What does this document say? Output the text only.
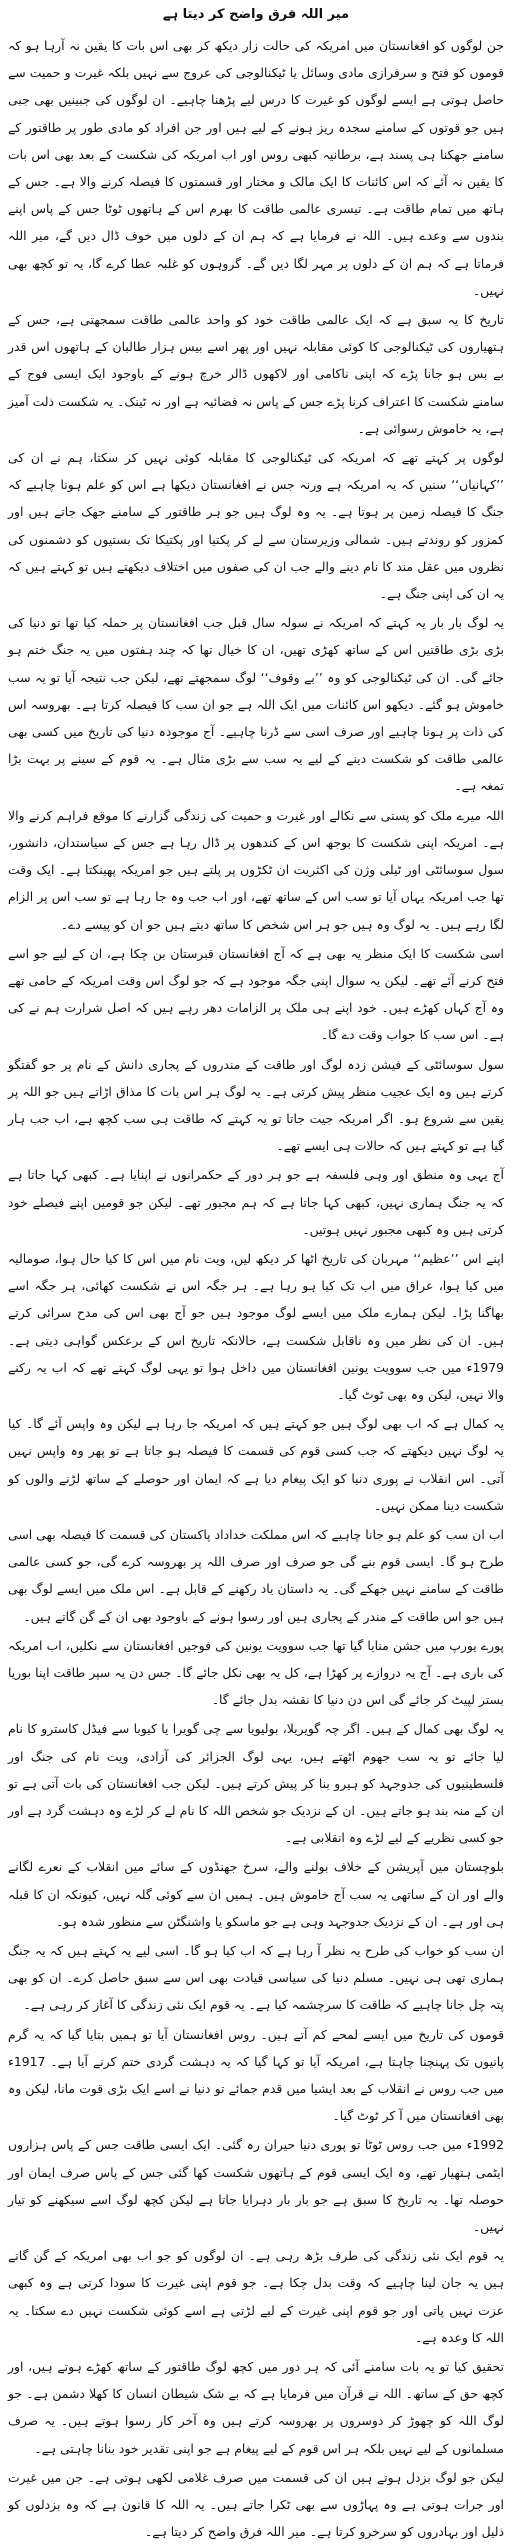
میر اللہ فرق واضح کر دیتا ہے

جن لوگوں کو افغانستان میں امریکہ کی حالت زار دیکھ کر بھی اس بات کا یقین نہ آرہا ہو کہ قوموں کو فتح و سرفرازی مادی وسائل یا ٹیکنالوجی کی عروج سے نہیں بلکہ غیرت و حمیت سے حاصل ہوتی ہے ایسے لوگوں کو غیرت کا درس لیے پڑھنا چاہیے۔ ان لوگوں کی جبینیں بھی جبی ہیں جو قوتوں کے سامنے سجدہ ریز ہونے کے لیے ہیں اور جن افراد کو مادی طور پر طاقتور کے سامنے جھکنا ہی پسند ہے، برطانیہ کبھی روس اور اب امریکہ کی شکست کے بعد بھی اس بات کا یقین نہ آئے کہ اس کائنات کا ایک مالک و مختار اور قسمتوں کا فیصلہ کرنے والا ہے۔ جس کے ہاتھ میں تمام طاقت ہے۔ تیسری عالمی طاقت کا بھرم اس کے ہاتھوں ٹوٹا جس کے پاس اپنے بندوں سے وعدے ہیں۔ اللہ نے فرمایا ہے کہ ہم ان کے دلوں میں خوف ڈال دیں گے، میر اللہ فرماتا ہے کہ ہم ان کے دلوں پر مہر لگا دیں گے۔ گروہوں کو غلبہ عطا کرے گا، یہ تو کچھ بھی نہیں۔

تاریخ کا یہ سبق ہے کہ ایک عالمی طاقت خود کو واحد عالمی طاقت سمجھتی ہے، جس کے ہتھیاروں کی ٹیکنالوجی کا کوئی مقابلہ نہیں اور پھر اسے بیس ہزار طالبان کے ہاتھوں اس قدر بے بس ہو جانا پڑے کہ اپنی ناکامی اور لاکھوں ڈالر خرچ ہونے کے باوجود ایک ایسی فوج کے سامنے شکست کا اعتراف کرنا پڑے جس کے پاس نہ فضائیہ ہے اور نہ ٹینک۔ یہ شکست ذلت آمیز ہے، یہ خاموش رسوائی ہے۔

لوگوں پر کہتے تھے کہ امریکہ کی ٹیکنالوجی کا مقابلہ کوئی نہیں کر سکتا، ہم نے ان کی ’’کہانیاں‘‘ سنیں کہ یہ امریکہ ہے ورنہ جس نے افغانستان دیکھا ہے اس کو علم ہونا چاہیے کہ جنگ کا فیصلہ زمین پر ہوتا ہے۔ یہ وہ لوگ ہیں جو ہر طاقتور کے سامنے جھک جاتے ہیں اور کمزور کو روندتے ہیں۔ شمالی وزیرستان سے لے کر پکتیا اور پکتیکا تک بستیوں کو دشمنوں کی نظروں میں عقل مند کا نام دینے والے جب ان کی صفوں میں اختلاف دیکھتے ہیں تو کہتے ہیں کہ یہ ان کی اپنی جنگ ہے۔

یہ لوگ بار بار یہ کہتے کہ امریکہ نے سولہ سال قبل جب افغانستان پر حملہ کیا تھا تو دنیا کی بڑی بڑی طاقتیں اس کے ساتھ کھڑی تھیں، ان کا خیال تھا کہ چند ہفتوں میں یہ جنگ ختم ہو جائے گی۔ ان کی ٹیکنالوجی کو وہ ’’بے وقوف‘‘ لوگ سمجھتے تھے، لیکن جب نتیجہ آیا تو یہ سب خاموش ہو گئے۔ دیکھو اس کائنات میں ایک اللہ ہے جو ان سب کا فیصلہ کرتا ہے۔ بھروسہ اس کی ذات پر ہونا چاہیے اور صرف اسی سے ڈرنا چاہیے۔ آج موجودہ دنیا کی تاریخ میں کسی بھی عالمی طاقت کو شکست دینے کے لیے یہ سب سے بڑی مثال ہے۔ یہ قوم کے سینے پر بہت بڑا تمغہ ہے۔

اللہ میرے ملک کو پستی سے نکالے اور غیرت و حمیت کی زندگی گزارنے کا موقع فراہم کرنے والا ہے۔ امریکہ اپنی شکست کا بوجھ اس کے کندھوں پر ڈال رہا ہے جس کے سیاستدان، دانشور، سول سوسائٹی اور ٹیلی وژن کی اکثریت ان ٹکڑوں پر پلتے ہیں جو امریکہ پھینکتا ہے۔ ایک وقت تھا جب امریکہ یہاں آیا تو سب اس کے ساتھ تھے، اور اب جب وہ جا رہا ہے تو سب اس پر الزام لگا رہے ہیں۔ یہ لوگ وہ ہیں جو ہر اس شخص کا ساتھ دیتے ہیں جو ان کو پیسے دے۔

اسی شکست کا ایک منظر یہ بھی ہے کہ آج افغانستان قبرستان بن چکا ہے، ان کے لیے جو اسے فتح کرنے آئے تھے۔ لیکن یہ سوال اپنی جگہ موجود ہے کہ جو لوگ اس وقت امریکہ کے حامی تھے وہ آج کہاں کھڑے ہیں۔ خود اپنے ہی ملک پر الزامات دھر رہے ہیں کہ اصل شرارت ہم نے کی ہے۔ اس سب کا جواب وقت دے گا۔

سول سوسائٹی کے فیشن زدہ لوگ اور طاقت کے مندروں کے پجاری دانش کے نام پر جو گفتگو کرتے ہیں وہ ایک عجیب منظر پیش کرتی ہے۔ یہ لوگ ہر اس بات کا مذاق اڑاتے ہیں جو اللہ پر یقین سے شروع ہو۔ اگر امریکہ جیت جاتا تو یہ کہتے کہ طاقت ہی سب کچھ ہے، اب جب ہار گیا ہے تو کہتے ہیں کہ حالات ہی ایسے تھے۔

آج یہی وہ منطق اور وہی فلسفہ ہے جو ہر دور کے حکمرانوں نے اپنایا ہے۔ کبھی کہا جاتا ہے کہ یہ جنگ ہماری نہیں، کبھی کہا جاتا ہے کہ ہم مجبور تھے۔ لیکن جو قومیں اپنے فیصلے خود کرتی ہیں وہ کبھی مجبور نہیں ہوتیں۔

اپنے اس ’’عظیم‘‘ مہربان کی تاریخ اٹھا کر دیکھ لیں، ویت نام میں اس کا کیا حال ہوا، صومالیہ میں کیا ہوا، عراق میں اب تک کیا ہو رہا ہے۔ ہر جگہ اس نے شکست کھائی، ہر جگہ اسے بھاگنا پڑا۔ لیکن ہمارے ملک میں ایسے لوگ موجود ہیں جو آج بھی اس کی مدح سرائی کرتے ہیں۔ ان کی نظر میں وہ ناقابل شکست ہے، حالانکہ تاریخ اس کے برعکس گواہی دیتی ہے۔ 1979ء میں جب سوویت یونین افغانستان میں داخل ہوا تو یہی لوگ کہتے تھے کہ اب یہ رکنے والا نہیں، لیکن وہ بھی ٹوٹ گیا۔

یہ کمال ہے کہ اب بھی لوگ ہیں جو کہتے ہیں کہ امریکہ جا رہا ہے لیکن وہ واپس آئے گا۔ کیا یہ لوگ نہیں دیکھتے کہ جب کسی قوم کی قسمت کا فیصلہ ہو جاتا ہے تو پھر وہ واپس نہیں آتی۔ اس انقلاب نے پوری دنیا کو ایک پیغام دیا ہے کہ ایمان اور حوصلے کے ساتھ لڑنے والوں کو شکست دینا ممکن نہیں۔

اب ان سب کو علم ہو جانا چاہیے کہ اس مملکت خداداد پاکستان کی قسمت کا فیصلہ بھی اسی طرح ہو گا۔ ایسی قوم بنے گی جو صرف اور صرف اللہ پر بھروسہ کرے گی، جو کسی عالمی طاقت کے سامنے نہیں جھکے گی۔ یہ داستان یاد رکھنے کے قابل ہے۔ اس ملک میں ایسے لوگ بھی ہیں جو اس طاقت کے مندر کے پجاری ہیں اور رسوا ہونے کے باوجود بھی ان کے گن گاتے ہیں۔

پورے یورپ میں جشن منایا گیا تھا جب سوویت یونین کی فوجیں افغانستان سے نکلیں، اب امریکہ کی باری ہے۔ آج یہ دروازے پر کھڑا ہے، کل یہ بھی نکل جائے گا۔ جس دن یہ سپر طاقت اپنا بوریا بستر لپیٹ کر جائے گی اس دن دنیا کا نقشہ بدل جائے گا۔

یہ لوگ بھی کمال کے ہیں۔ اگر چہ گویریلا، بولیویا سے چی گویرا یا کیوبا سے فیڈل کاسترو کا نام لیا جائے تو یہ سب جھوم اٹھتے ہیں، یہی لوگ الجزائر کی آزادی، ویت نام کی جنگ اور فلسطینیوں کی جدوجہد کو ہیرو بنا کر پیش کرتے ہیں۔ لیکن جب افغانستان کی بات آتی ہے تو ان کے منہ بند ہو جاتے ہیں۔ ان کے نزدیک جو شخص اللہ کا نام لے کر لڑے وہ دہشت گرد ہے اور جو کسی نظریے کے لیے لڑے وہ انقلابی ہے۔

بلوچستان میں آپریشن کے خلاف بولنے والے، سرخ جھنڈوں کے سائے میں انقلاب کے نعرے لگانے والے اور ان کے ساتھی یہ سب آج خاموش ہیں۔ ہمیں ان سے کوئی گلہ نہیں، کیونکہ ان کا قبلہ ہی اور ہے۔ ان کے نزدیک جدوجہد وہی ہے جو ماسکو یا واشنگٹن سے منظور شدہ ہو۔

ان سب کو خواب کی طرح یہ نظر آ رہا ہے کہ اب کیا ہو گا۔ اسی لیے یہ کہتے ہیں کہ یہ جنگ ہماری تھی ہی نہیں۔ مسلم دنیا کی سیاسی قیادت بھی اس سے سبق حاصل کرے۔ ان کو بھی پتہ چل جانا چاہیے کہ طاقت کا سرچشمہ کیا ہے۔ یہ قوم ایک نئی زندگی کا آغاز کر رہی ہے۔

قوموں کی تاریخ میں ایسے لمحے کم آتے ہیں۔ روس افغانستان آیا تو ہمیں بتایا گیا کہ یہ گرم پانیوں تک پہنچنا چاہتا ہے، امریکہ آیا تو کہا گیا کہ یہ دہشت گردی ختم کرنے آیا ہے۔ 1917ء میں جب روس نے انقلاب کے بعد ایشیا میں قدم جمائے تو دنیا نے اسے ایک بڑی قوت مانا، لیکن وہ بھی افغانستان میں آ کر ٹوٹ گیا۔

1992ء میں جب روس ٹوٹا تو پوری دنیا حیران رہ گئی۔ ایک ایسی طاقت جس کے پاس ہزاروں ایٹمی ہتھیار تھے، وہ ایک ایسی قوم کے ہاتھوں شکست کھا گئی جس کے پاس صرف ایمان اور حوصلہ تھا۔ یہ تاریخ کا سبق ہے جو بار بار دہرایا جاتا ہے لیکن کچھ لوگ اسے سیکھنے کو تیار نہیں۔

یہ قوم ایک نئی زندگی کی طرف بڑھ رہی ہے۔ ان لوگوں کو جو اب بھی امریکہ کے گن گاتے ہیں یہ جان لینا چاہیے کہ وقت بدل چکا ہے۔ جو قوم اپنی غیرت کا سودا کرتی ہے وہ کبھی عزت نہیں پاتی اور جو قوم اپنی غیرت کے لیے لڑتی ہے اسے کوئی شکست نہیں دے سکتا۔ یہ اللہ کا وعدہ ہے۔

تحقیق کیا تو یہ بات سامنے آئی کہ ہر دور میں کچھ لوگ طاقتور کے ساتھ کھڑے ہوتے ہیں، اور کچھ حق کے ساتھ۔ اللہ نے قرآن میں فرمایا ہے کہ بے شک شیطان انسان کا کھلا دشمن ہے۔ جو لوگ اللہ کو چھوڑ کر دوسروں پر بھروسہ کرتے ہیں وہ آخر کار رسوا ہوتے ہیں۔ یہ صرف مسلمانوں کے لیے نہیں بلکہ ہر اس قوم کے لیے پیغام ہے جو اپنی تقدیر خود بنانا چاہتی ہے۔

لیکن جو لوگ بزدل ہوتے ہیں ان کی قسمت میں صرف غلامی لکھی ہوتی ہے۔ جن میں غیرت اور جرات ہوتی ہے وہ پہاڑوں سے بھی ٹکرا جاتے ہیں۔ یہ اللہ کا قانون ہے کہ وہ بزدلوں کو ذلیل اور بہادروں کو سرخرو کرتا ہے۔ میر اللہ فرق واضح کر دیتا ہے۔
